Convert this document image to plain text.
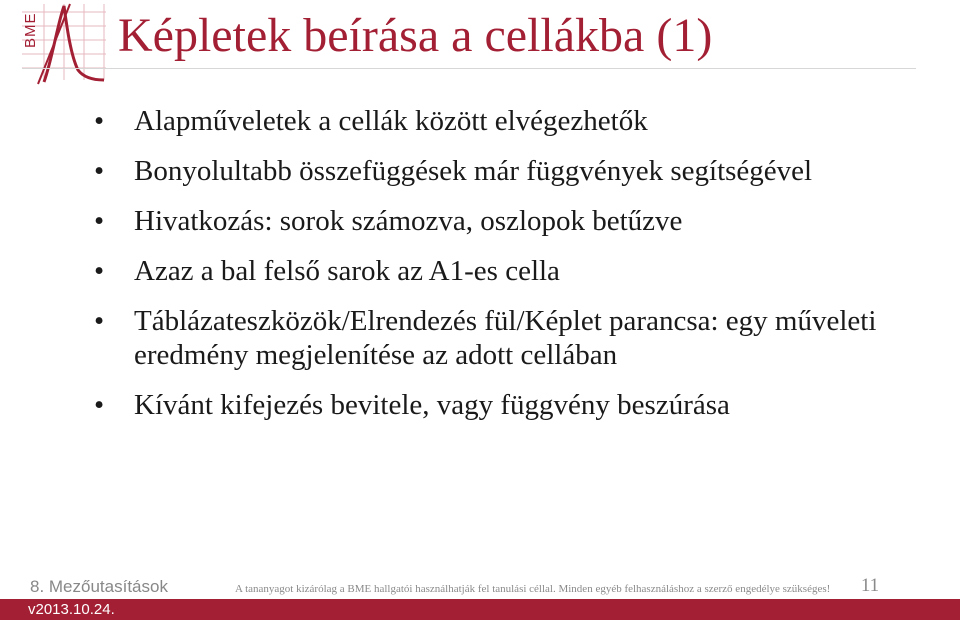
BME Képletek beírása a cellákba (1)
•	Alapműveletek a cellák között elvégezhetők
•	Bonyolultabb összefüggések már függvények segítségével
•	Hivatkozás: sorok számozva, oszlopok betűzve
•	Azaz a bal felső sarok az A1-es cella
•	Táblázateszközök/Elrendezés fül/Képlet parancsa: egy műveleti eredmény megjelenítése az adott cellában
•	Kívánt kifejezés bevitele, vagy függvény beszúrása
8. Mezőutasítások	A tananyagot kizárólag a BME hallgatói használhatják fel tanulási céllal. Minden egyéb felhasználáshoz a szerző engedélye szükséges!	11
v2013.10.24.
